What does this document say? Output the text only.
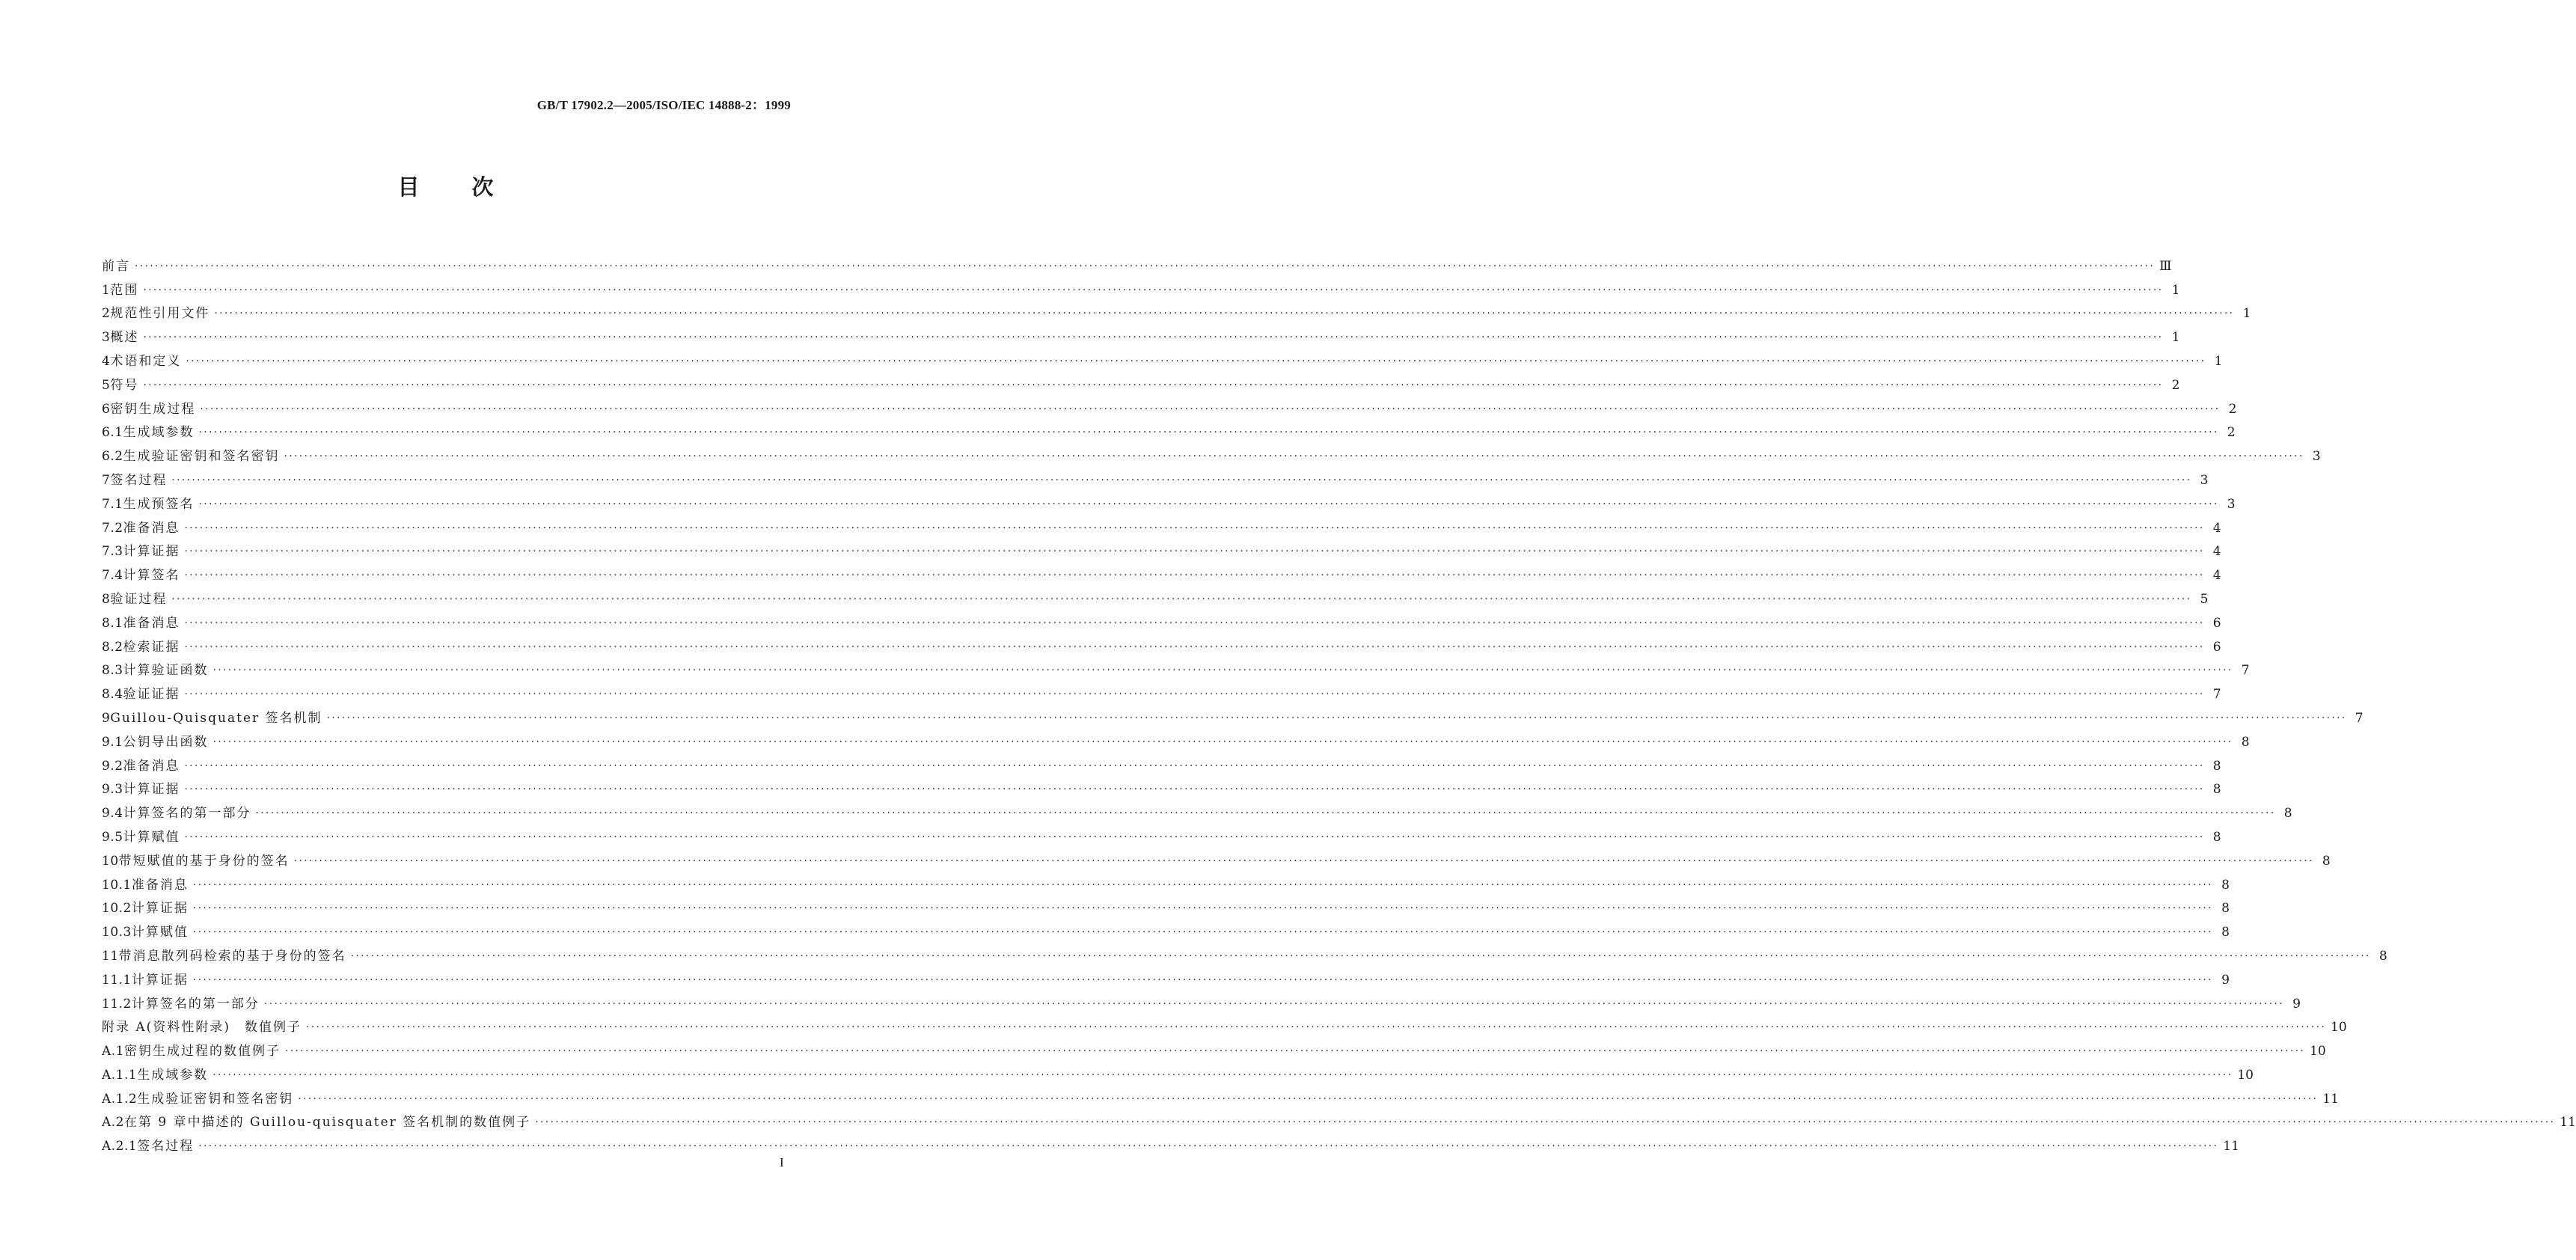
GB/T 17902.2—2005/ISO/IEC 14888-2：1999
目 次
前言 ················································································································································································································································································································································································································ Ⅲ
1 范围 ················································································································································································································································································································································································································ 1
2 规范性引用文件 ················································································································································································································································································································································································································ 1
3 概述 ················································································································································································································································································································································································································ 1
4 术语和定义 ················································································································································································································································································································································································································ 1
5 符号 ················································································································································································································································································································································································································ 2
6 密钥生成过程 ················································································································································································································································································································································································································ 2
6.1 生成域参数 ················································································································································································································································································································································································································ 2
6.2 生成验证密钥和签名密钥 ················································································································································································································································································································································································································ 3
7 签名过程 ················································································································································································································································································································································································································ 3
7.1 生成预签名 ················································································································································································································································································································································································································ 3
7.2 准备消息 ················································································································································································································································································································································································································ 4
7.3 计算证据 ················································································································································································································································································································································································································ 4
7.4 计算签名 ················································································································································································································································································································································································································ 4
8 验证过程 ················································································································································································································································································································································································································ 5
8.1 准备消息 ················································································································································································································································································································································································································ 6
8.2 检索证据 ················································································································································································································································································································································································································ 6
8.3 计算验证函数 ················································································································································································································································································································································································································ 7
8.4 验证证据 ················································································································································································································································································································································································································ 7
9 Guillou-Quisquater 签名机制 ················································································································································································································································································································································································································ 7
9.1 公钥导出函数 ················································································································································································································································································································································································································ 8
9.2 准备消息 ················································································································································································································································································································································································································ 8
9.3 计算证据 ················································································································································································································································································································································································································ 8
9.4 计算签名的第一部分 ················································································································································································································································································································································································································ 8
9.5 计算赋值 ················································································································································································································································································································································································································ 8
10 带短赋值的基于身份的签名 ················································································································································································································································································································································································································ 8
10.1 准备消息 ················································································································································································································································································································································································································ 8
10.2 计算证据 ················································································································································································································································································································································································································ 8
10.3 计算赋值 ················································································································································································································································································································································································································ 8
11 带消息散列码检索的基于身份的签名 ················································································································································································································································································································································································································ 8
11.1 计算证据 ················································································································································································································································································································································································································ 9
11.2 计算签名的第一部分 ················································································································································································································································································································································································································ 9
附录 A(资料性附录)　数值例子 ················································································································································································································································································································································································································ 10
A.1 密钥生成过程的数值例子 ················································································································································································································································································································································································································ 10
A.1.1 生成域参数 ················································································································································································································································································································································································································ 10
A.1.2 生成验证密钥和签名密钥 ················································································································································································································································································································································································································ 11
A.2 在第 9 章中描述的 Guillou-quisquater 签名机制的数值例子 ················································································································································································································································································································································································································ 11
A.2.1 签名过程 ················································································································································································································································································································································································································ 11
I
